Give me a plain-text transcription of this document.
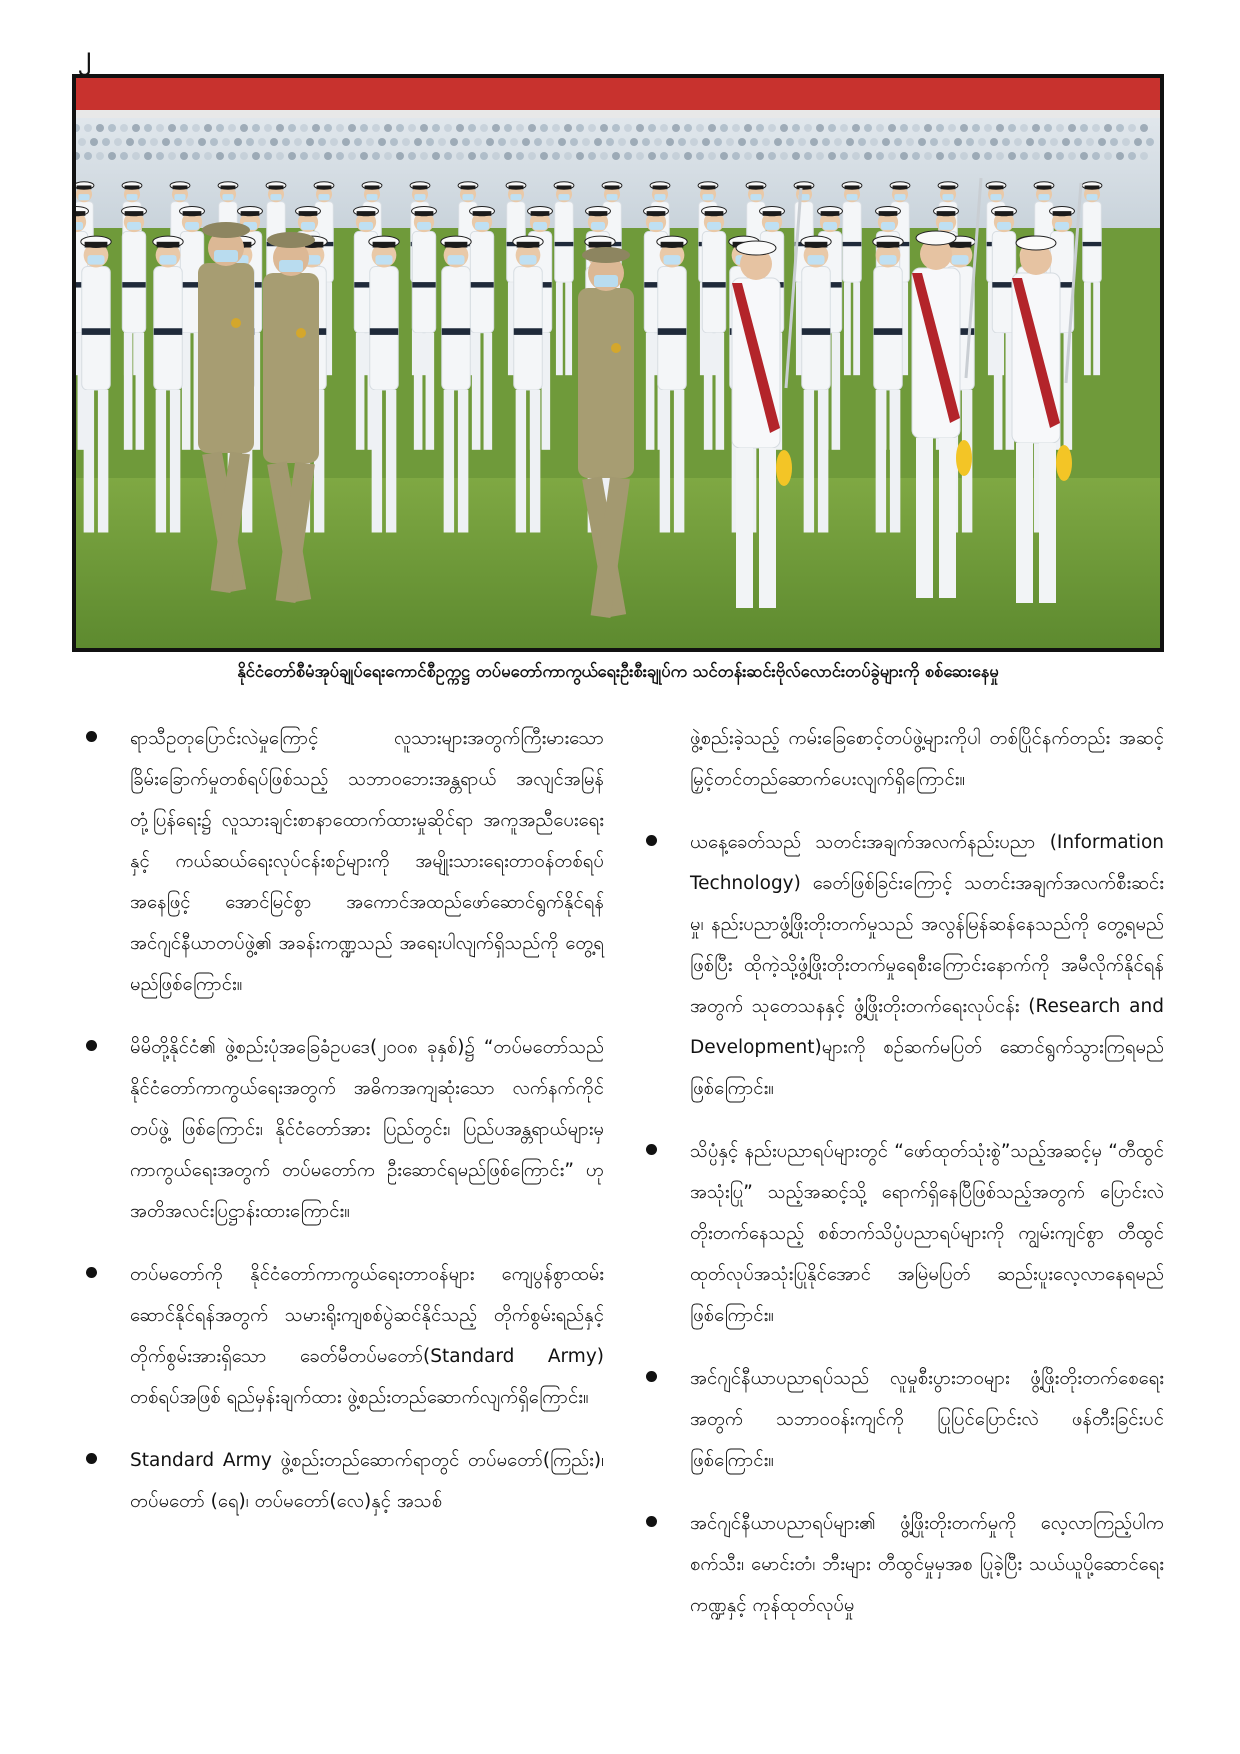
၂
နိုင်ငံတော်စီမံအုပ်ချုပ်ရေးကောင်စီဥက္ကဋ္ဌ တပ်မတော်ကာကွယ်ရေးဦးစီးချုပ်က သင်တန်းဆင်းဗိုလ်လောင်းတပ်ခွဲများကို စစ်ဆေးနေမှု

ရာသီဥတုပြောင်းလဲမှုကြောင့် လူသားများအတွက်ကြီးမားသော ခြိမ်းခြောက်မှုတစ်ရပ်ဖြစ်သည့် သဘာဝဘေးအန္တရာယ် အလျင်အမြန်တုံ့ပြန်ရေး၌ လူသားချင်းစာနာထောက်ထားမှုဆိုင်ရာ အကူအညီပေးရေးနှင့် ကယ်ဆယ်ရေးလုပ်ငန်းစဉ်များကို အမျိုးသားရေးတာဝန်တစ်ရပ်အနေဖြင့် အောင်မြင်စွာ အကောင်အထည်ဖော်ဆောင်ရွက်နိုင်ရန် အင်ဂျင်နီယာတပ်ဖွဲ့၏ အခန်းကဏ္ဍသည် အရေးပါလျက်ရှိသည်ကို တွေ့ရမည်ဖြစ်ကြောင်း။

မိမိတို့နိုင်ငံ၏ ဖွဲ့စည်းပုံအခြေခံဥပဒေ(၂၀၀၈ ခုနှစ်)၌ “တပ်မတော်သည် နိုင်ငံတော်ကာကွယ်ရေးအတွက် အဓိကအကျဆုံးသော လက်နက်ကိုင်တပ်ဖွဲ့ ဖြစ်ကြောင်း၊ နိုင်ငံတော်အား ပြည်တွင်း၊ ပြည်ပအန္တရာယ်များမှ ကာကွယ်ရေးအတွက် တပ်မတော်က ဦးဆောင်ရမည်ဖြစ်ကြောင်း” ဟုအတိအလင်းပြဋ္ဌာန်းထားကြောင်း။

တပ်မတော်ကို နိုင်ငံတော်ကာကွယ်ရေးတာဝန်များ ကျေပွန်စွာထမ်းဆောင်နိုင်ရန်အတွက် သမားရိုးကျစစ်ပွဲဆင်နိုင်သည့် တိုက်စွမ်းရည်နှင့် တိုက်စွမ်းအားရှိသော ခေတ်မီတပ်မတော်(Standard Army) တစ်ရပ်အဖြစ် ရည်မှန်းချက်ထား ဖွဲ့စည်းတည်ဆောက်လျက်ရှိကြောင်း။

Standard Army ဖွဲ့စည်းတည်ဆောက်ရာတွင် တပ်မတော်(ကြည်း)၊ တပ်မတော် (ရေ)၊ တပ်မတော်(လေ)နှင့် အသစ်

ဖွဲ့စည်းခဲ့သည့် ကမ်းခြေစောင့်တပ်ဖွဲ့များကိုပါ တစ်ပြိုင်နက်တည်း အဆင့်မြှင့်တင်တည်ဆောက်ပေးလျက်ရှိကြောင်း။

ယနေ့ခေတ်သည် သတင်းအချက်အလက်နည်းပညာ (Information Technology) ခေတ်ဖြစ်ခြင်းကြောင့် သတင်းအချက်အလက်စီးဆင်းမှု၊ နည်းပညာဖွံ့ဖြိုးတိုးတက်မှုသည် အလွန်မြန်ဆန်နေသည်ကို တွေ့ရမည်ဖြစ်ပြီး ထိုကဲ့သို့ဖွံ့ဖြိုးတိုးတက်မှုရေစီးကြောင်းနောက်ကို အမီလိုက်နိုင်ရန်အတွက် သုတေသနနှင့် ဖွံ့ဖြိုးတိုးတက်ရေးလုပ်ငန်း (Research and Development)များကို စဉ်ဆက်မပြတ် ဆောင်ရွက်သွားကြရမည်ဖြစ်ကြောင်း။

သိပ္ပံနှင့် နည်းပညာရပ်များတွင် “ဖော်ထုတ်သုံးစွဲ”သည့်အဆင့်မှ “တီထွင်အသုံးပြု” သည့်အဆင့်သို့ ရောက်ရှိနေပြီဖြစ်သည့်အတွက် ပြောင်းလဲတိုးတက်နေသည့် စစ်ဘက်သိပ္ပံပညာရပ်များကို ကျွမ်းကျင်စွာ တီထွင်ထုတ်လုပ်အသုံးပြုနိုင်အောင် အမြဲမပြတ် ဆည်းပူးလေ့လာနေရမည်ဖြစ်ကြောင်း။

အင်ဂျင်နီယာပညာရပ်သည် လူမှုစီးပွားဘဝများ ဖွံ့ဖြိုးတိုးတက်စေရေးအတွက် သဘာဝဝန်းကျင်ကို ပြုပြင်ပြောင်းလဲ ဖန်တီးခြင်းပင်ဖြစ်ကြောင်း။

အင်ဂျင်နီယာပညာရပ်များ၏ ဖွံ့ဖြိုးတိုးတက်မှုကို လေ့လာကြည့်ပါက စက်သီး၊ မောင်းတံ၊ ဘီးများ တီထွင်မှုမှအစ ပြုခဲ့ပြီး သယ်ယူပို့ဆောင်ရေးကဏ္ဍနှင့် ကုန်ထုတ်လုပ်မှု
